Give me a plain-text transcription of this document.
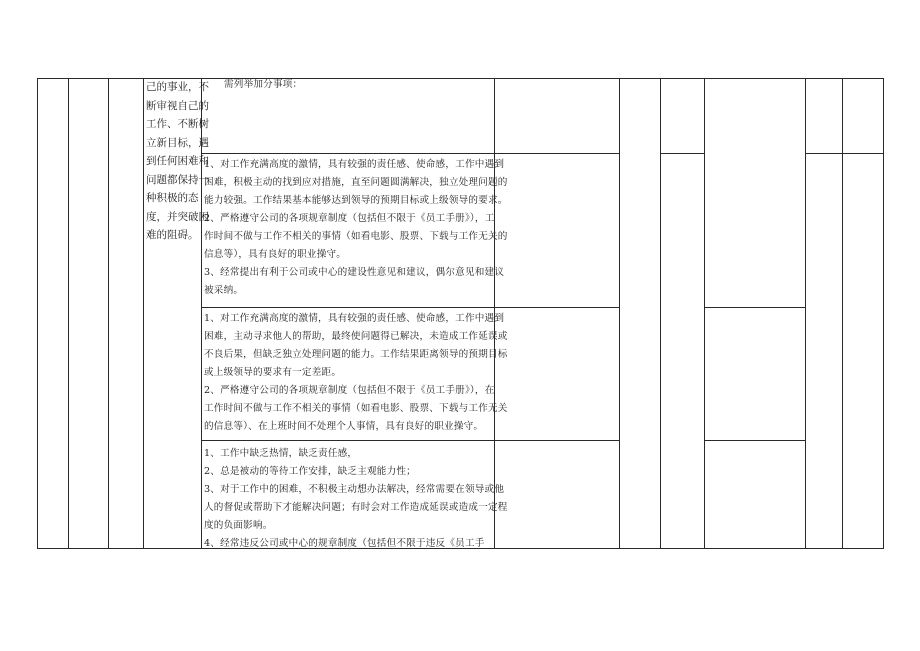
己的事业，不
断审视自己的
工作、不断树
立新目标，遇
到任何困难和
问题都保持一
种积极的态
度，并突破困
难的阻碍。
需列举加分事项：
1、对工作充满高度的激情，具有较强的责任感、使命感，工作中遇到
困难，积极主动的找到应对措施，直至问题圆满解决，独立处理问题的
能力较强。工作结果基本能够达到领导的预期目标或上级领导的要求。
2、严格遵守公司的各项规章制度（包括但不限于《员工手册》），工
作时间不做与工作不相关的事情（如看电影、股票、下载与工作无关的
信息等），具有良好的职业操守。
3、经常提出有利于公司或中心的建设性意见和建议，偶尔意见和建议
被采纳。
1、对工作充满高度的激情，具有较强的责任感、使命感，工作中遇到
困难，主动寻求他人的帮助，最终使问题得已解决，未造成工作延误或
不良后果，但缺乏独立处理问题的能力。工作结果距离领导的预期目标
或上级领导的要求有一定差距。
2、严格遵守公司的各项规章制度（包括但不限于《员工手册》），在
工作时间不做与工作不相关的事情（如看电影、股票、下载与工作无关
的信息等）、在上班时间不处理个人事情，具有良好的职业操守。
1、工作中缺乏热情，缺乏责任感，
2、总是被动的等待工作安排，缺乏主观能力性；
3、对于工作中的困难，不积极主动想办法解决，经常需要在领导或他
人的督促或帮助下才能解决问题；有时会对工作造成延误或造成一定程
度的负面影响。
4、经常违反公司或中心的规章制度（包括但不限于违反《员工手
